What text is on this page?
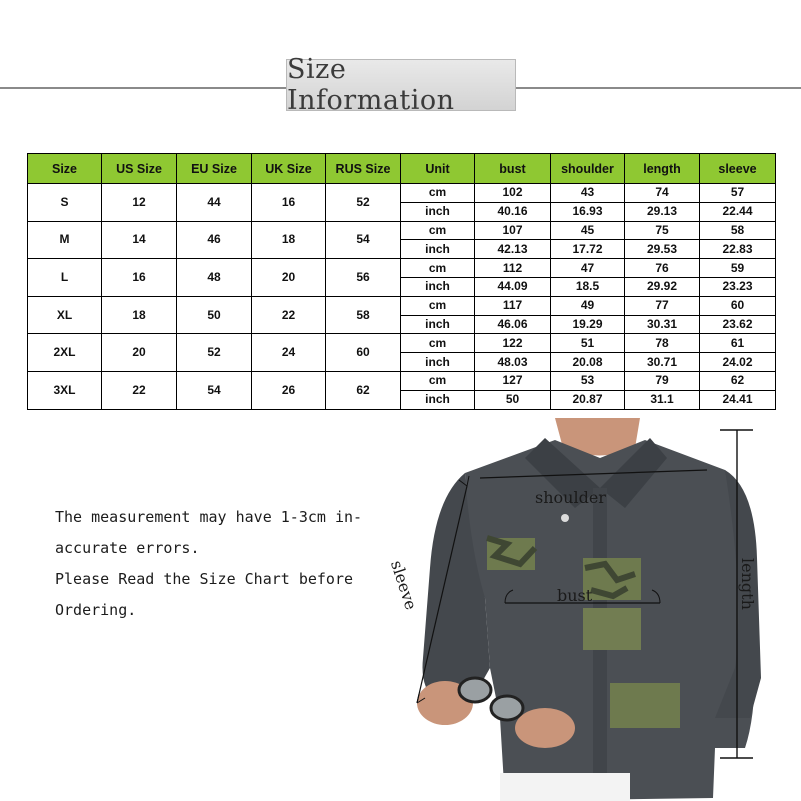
Size Information
Size	US Size	EU Size	UK Size	RUS Size	Unit	bust	shoulder	length	sleeve
S	12	44	16	52	cm	102	43	74	57
					inch	40.16	16.93	29.13	22.44
M	14	46	18	54	cm	107	45	75	58
					inch	42.13	17.72	29.53	22.83
L	16	48	20	56	cm	112	47	76	59
					inch	44.09	18.5	29.92	23.23
XL	18	50	22	58	cm	117	49	77	60
					inch	46.06	19.29	30.31	23.62
2XL	20	52	24	60	cm	122	51	78	61
					inch	48.03	20.08	30.71	24.02
3XL	22	54	26	62	cm	127	53	79	62
					inch	50	20.87	31.1	24.41
The measurement may have 1-3cm in-
accurate errors.
Please Read the Size Chart before
Ordering.
shoulder
bust
sleeve	length
